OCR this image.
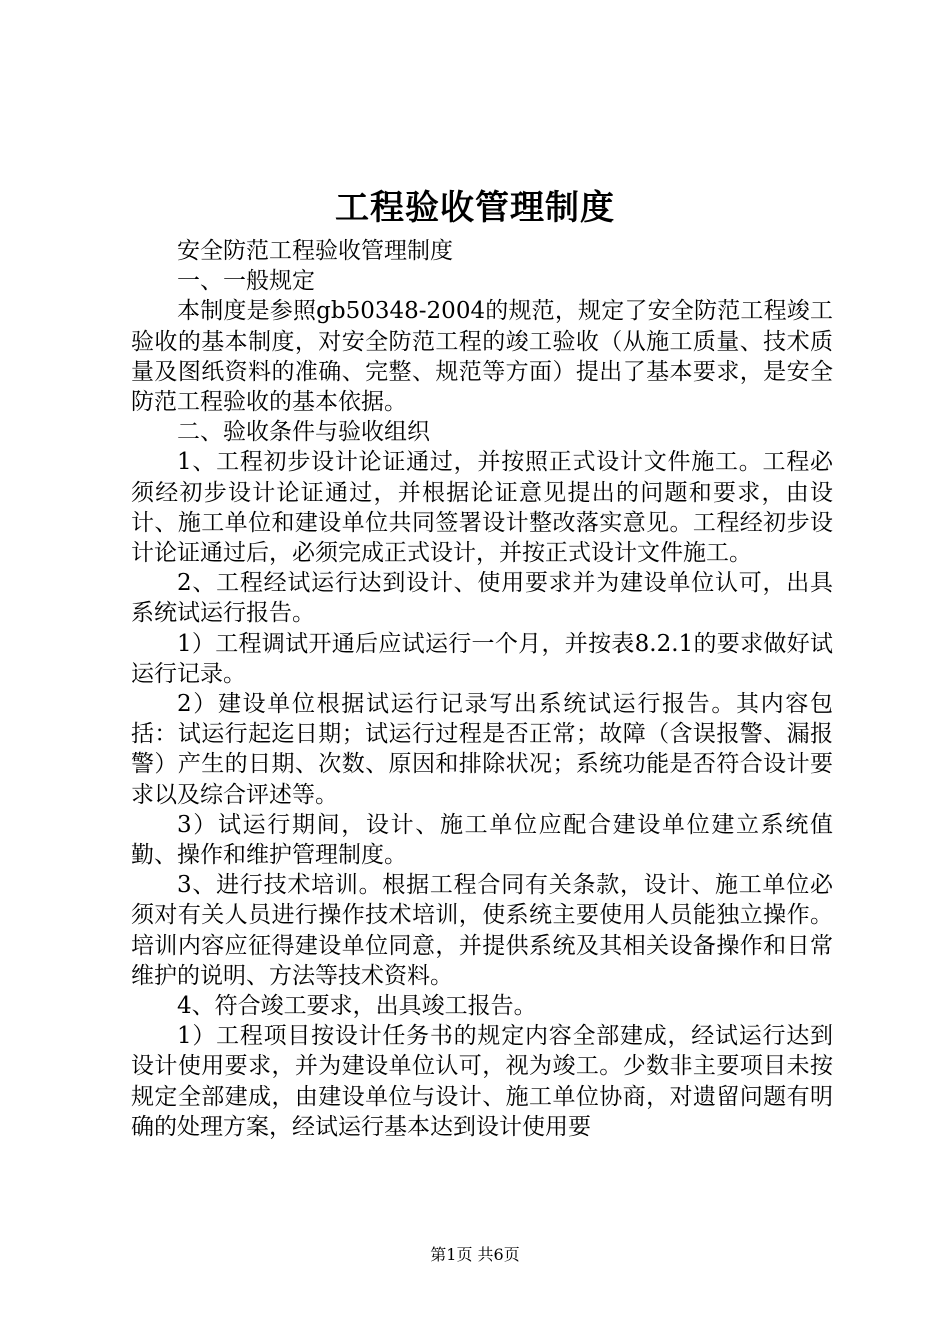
工程验收管理制度

安全防范工程验收管理制度

一、一般规定

本制度是参照gb50348-2004的规范，规定了安全防范工程竣工验收的基本制度，对安全防范工程的竣工验收（从施工质量、技术质量及图纸资料的准确、完整、规范等方面）提出了基本要求，是安全防范工程验收的基本依据。

二、验收条件与验收组织

1、工程初步设计论证通过，并按照正式设计文件施工。工程必须经初步设计论证通过，并根据论证意见提出的问题和要求，由设计、施工单位和建设单位共同签署设计整改落实意见。工程经初步设计论证通过后，必须完成正式设计，并按正式设计文件施工。

2、工程经试运行达到设计、使用要求并为建设单位认可，出具系统试运行报告。

1）工程调试开通后应试运行一个月，并按表8.2.1的要求做好试运行记录。

2）建设单位根据试运行记录写出系统试运行报告。其内容包括：试运行起迄日期；试运行过程是否正常；故障（含误报警、漏报警）产生的日期、次数、原因和排除状况；系统功能是否符合设计要求以及综合评述等。

3）试运行期间，设计、施工单位应配合建设单位建立系统值勤、操作和维护管理制度。

3、进行技术培训。根据工程合同有关条款，设计、施工单位必须对有关人员进行操作技术培训，使系统主要使用人员能独立操作。培训内容应征得建设单位同意，并提供系统及其相关设备操作和日常维护的说明、方法等技术资料。

4、符合竣工要求，出具竣工报告。

1）工程项目按设计任务书的规定内容全部建成，经试运行达到设计使用要求，并为建设单位认可，视为竣工。少数非主要项目未按规定全部建成，由建设单位与设计、施工单位协商，对遗留问题有明确的处理方案，经试运行基本达到设计使用要

第1页 共6页
